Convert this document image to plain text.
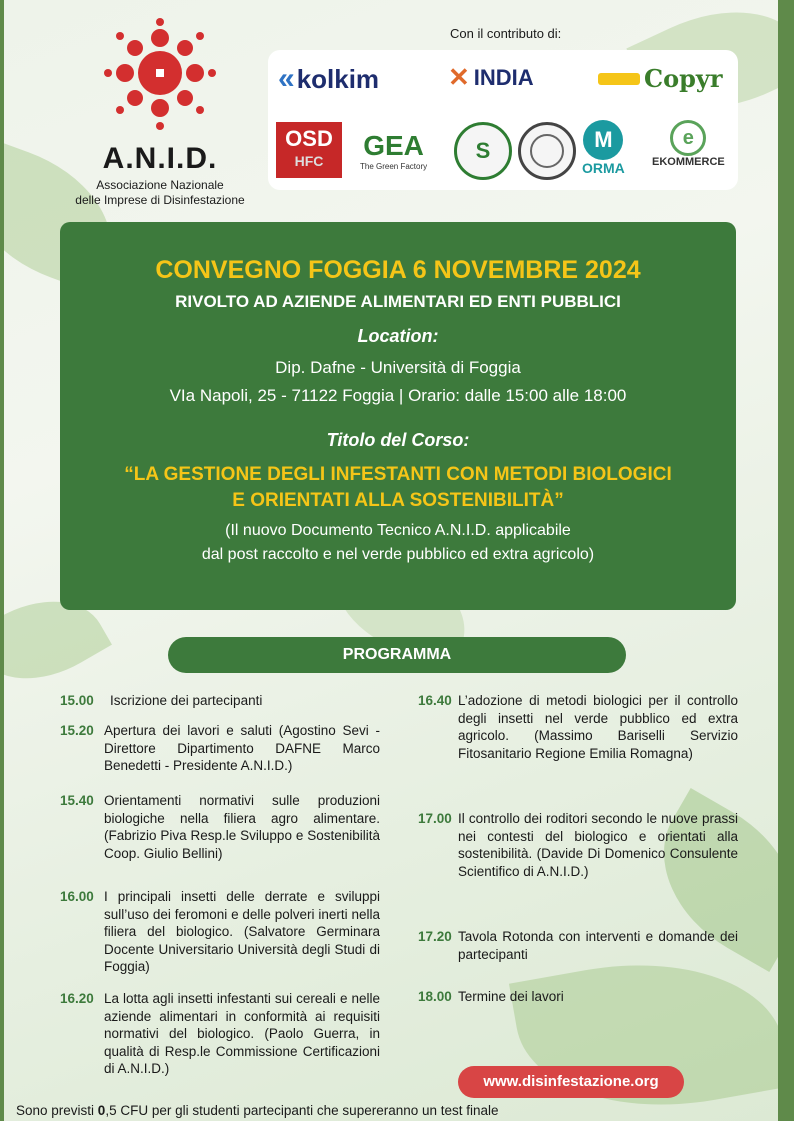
A.N.I.D.
Associazione Nazionale
delle Imprese di Disinfestazione
Con il contributo di:
« kolkim	✕ INDIA	Copyr
OSD
HFC GEA
The Green Factory
S	M
ORMA
e
EKOMMERCE
CONVEGNO FOGGIA 6 NOVEMBRE 2024
RIVOLTO AD AZIENDE ALIMENTARI ED ENTI PUBBLICI
Location:
Dip. Dafne - Università di Foggia
VIa Napoli, 25 - 71122 Foggia | Orario: dalle 15:00 alle 18:00
Titolo del Corso:
“LA GESTIONE DEGLI INFESTANTI CON METODI BIOLOGICI
E ORIENTATI ALLA SOSTENIBILITÀ”
(Il nuovo Documento Tecnico A.N.I.D. applicabile
dal post raccolto e nel verde pubblico ed extra agricolo)
PROGRAMMA
15.00 Iscrizione dei partecipanti
15.20 Apertura dei lavori e saluti (Agostino Sevi - Direttore Dipartimento DAFNE Marco Benedetti - Presidente A.N.I.D.)
15.40 Orientamenti normativi sulle produzioni biologiche nella filiera agro alimentare. (Fabrizio Piva Resp.le Sviluppo e Sostenibilità Coop. Giulio Bellini)
16.00 I principali insetti delle derrate e sviluppi sull’uso dei feromoni e delle polveri inerti nella filiera del biologico. (Salvatore Germinara Docente Universitario Università degli Studi di Foggia)
16.20 La lotta agli insetti infestanti sui cereali e nelle aziende alimentari in conformità ai requisiti normativi del biologico. (Paolo Guerra, in qualità di Resp.le Commissione Certificazioni di A.N.I.D.)
16.40 L’adozione di metodi biologici per il controllo degli insetti nel verde pubblico ed extra agricolo. (Massimo Bariselli Servizio Fitosanitario Regione Emilia Romagna)
17.00 Il controllo dei roditori secondo le nuove prassi nei contesti del biologico e orientati alla sostenibilità. (Davide Di Domenico Consulente Scientifico di A.N.I.D.)
17.20 Tavola Rotonda con interventi e domande dei partecipanti
18.00 Termine dei lavori
www.disinfestazione.org
Sono previsti 0,5 CFU per gli studenti partecipanti che supereranno un test finale
